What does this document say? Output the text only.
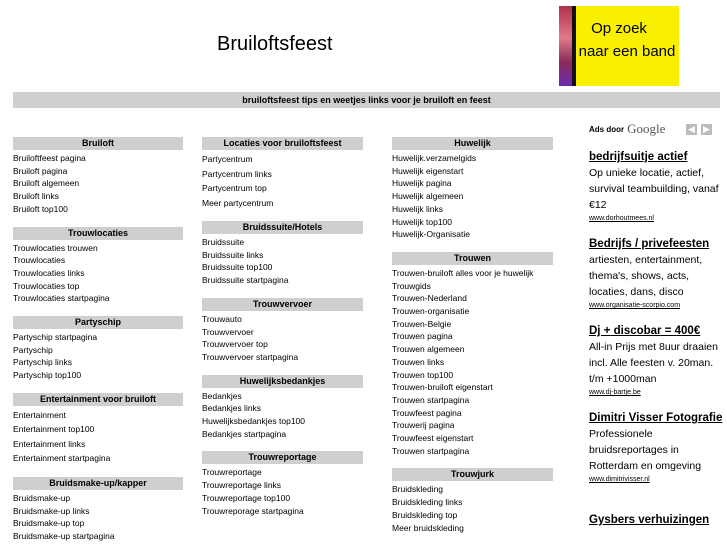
Bruiloftsfeest
Op zoek
naar een band
bruiloftsfeest tips en weetjes links voor je bruiloft en feest
Bruiloft
Bruiloftfeest pagina
Bruiloft pagina
Bruiloft algemeen
Bruiloft links
Bruiloft top100
Trouwlocaties
Trouwlocaties trouwen
Trouwlocaties
Trouwlocaties links
Trouwlocaties top
Trouwlocaties startpagina
Partyschip
Partyschip startpagina
Partyschip
Partyschip links
Partyschip top100
Entertainment voor bruiloft
Entertainment
Entertainment top100
Entertainment links
Entertainment startpagina
Bruidsmake-up/kapper
Bruidsmake-up
Bruidsmake-up links
Bruidsmake-up top
Bruidsmake-up startpagina
Locaties voor bruiloftsfeest
Partycentrum
Partycentrum links
Partycentrum top
Meer partycentrum
Bruidssuite/Hotels
Bruidssuite
Bruidssuite links
Bruidssuite top100
Bruidssuite startpagina
Trouwvervoer
Trouwauto
Trouwvervoer
Trouwvervoer top
Trouwvervoer startpagina
Huwelijksbedankjes
Bedankjes
Bedankjes links
Huwelijksbedankjes top100
Bedankjes startpagina
Trouwreportage
Trouwreportage
Trouwreportage links
Trouwreportage top100
Trouwreporage startpagina
Huwelijk
Huwelijk.verzamelgids
Huwelijk eigenstart
Huwelijk pagina
Huwelijk algemeen
Huwelijk links
Huwelijk top100
Huwelijk-Organisatie
Trouwen
Trouwen-bruiloft alles voor je huwelijk
Trouwgids
Trouwen-Nederland
Trouwen-organisatie
Trouwen-Belgie
Trouwen pagina
Trouwen algemeen
Trouwen links
Trouwen top100
Trouwen-bruiloft eigenstart
Trouwen startpagina
Trouwfeest pagina
Trouwerij pagina
Trouwfeest eigenstart
Trouwen startpagina
Trouwjurk
Bruidskleding
Bruidskleding links
Bruidskleding top
Meer bruidskleding
Ads door Google	◀ ▶
bedrijfsuitje actief
Op unieke locatie, actief, survival teambuilding, vanaf €12
www.dorhoutmees.nl
Bedrijfs / privefeesten
artiesten, entertainment, thema's, shows, acts, locaties, dans, disco
www.organisatie-scorpio.com
Dj + discobar = 400€
All-in Prijs met 8uur draaien incl. Alle feesten v. 20man. t/m +1000man
www.dj-bartje.be
Dimitri Visser Fotografie
Professionele bruidsreportages in Rotterdam en omgeving
www.dimitrivisser.nl
Gysbers verhuizingen
